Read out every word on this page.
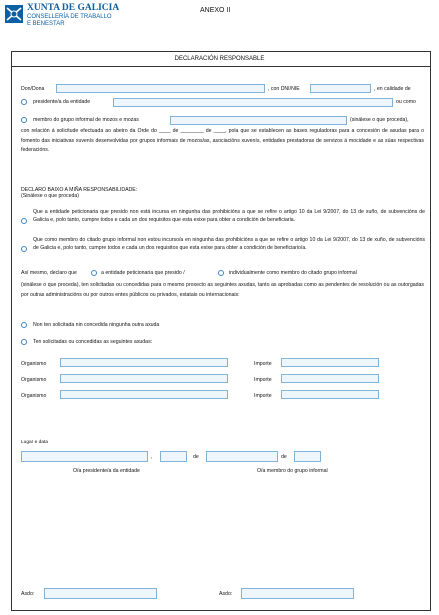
XUNTA DE GALICIA
CONSELLERÍA DE TRABALLO
E BENESTAR
ANEXO II
DECLARACIÓN RESPONSABLE
Don/Dona	, con DNI/NIE	, en calidade de
presidente/a da entidade	ou como
membro do grupo informal de mozos e mozas	(sinálese o que proceda),
con relación á solicitude efectuada ao abeiro da Orde do ____ de ________ de ____, pola que se establecen as bases reguladoras para a concesión de axudas para o fomento das iniciativas xuvenís desenvolvidas por grupos informais de mozos/as, asociacións xuvenís, entidades prestadoras de servizos á mocidade e as súas respectivas federacións.
DECLARO BAIXO A MIÑA RESPONSABILIDADE:
(Sinálese o que proceda)
Que a entidade peticionaria que presido non está incursa en ningunha das prohibicións a que se refire o artigo 10 da Lei 9/2007, do 13 de xuño, de subvencións de Galicia e, polo tanto, cumpre todos e cada un dos requisitos que esta exixe para obter a condición de beneficiaria.
Que como membro do citado grupo informal non estou incurso/a en ningunha das prohibicións a que se refire o artigo 10 da Lei 9/2007, do 13 de xuño, de subvencións de Galicia e, polo tanto, cumpre todos e cada un dos requisitos que esta exixe para obter a condición de beneficiario/a.
Así mesmo, declaro que	a entidade peticionaria que presido /	individualmente como membro do citado grupo informal
(sinálese o que proceda), ten solicitadas ou concedidas para o mesmo proxecto as seguintes axudas, tanto as aprobadas como as pendentes de resolución ou as outorgadas por outras administracións ou por outros entes públicos ou privados, estatais ou internacionais:
Non ten solicitada nin concedida ningunha outra axuda
Ten solicitadas ou concedidas as seguintes axudas:
Organismo	Importe
Organismo	Importe
Organismo	Importe
Lugar e data
,	de	de
O/a presidente/a da entidade	O/a membro do grupo informal
Asdo:	Asdo:
